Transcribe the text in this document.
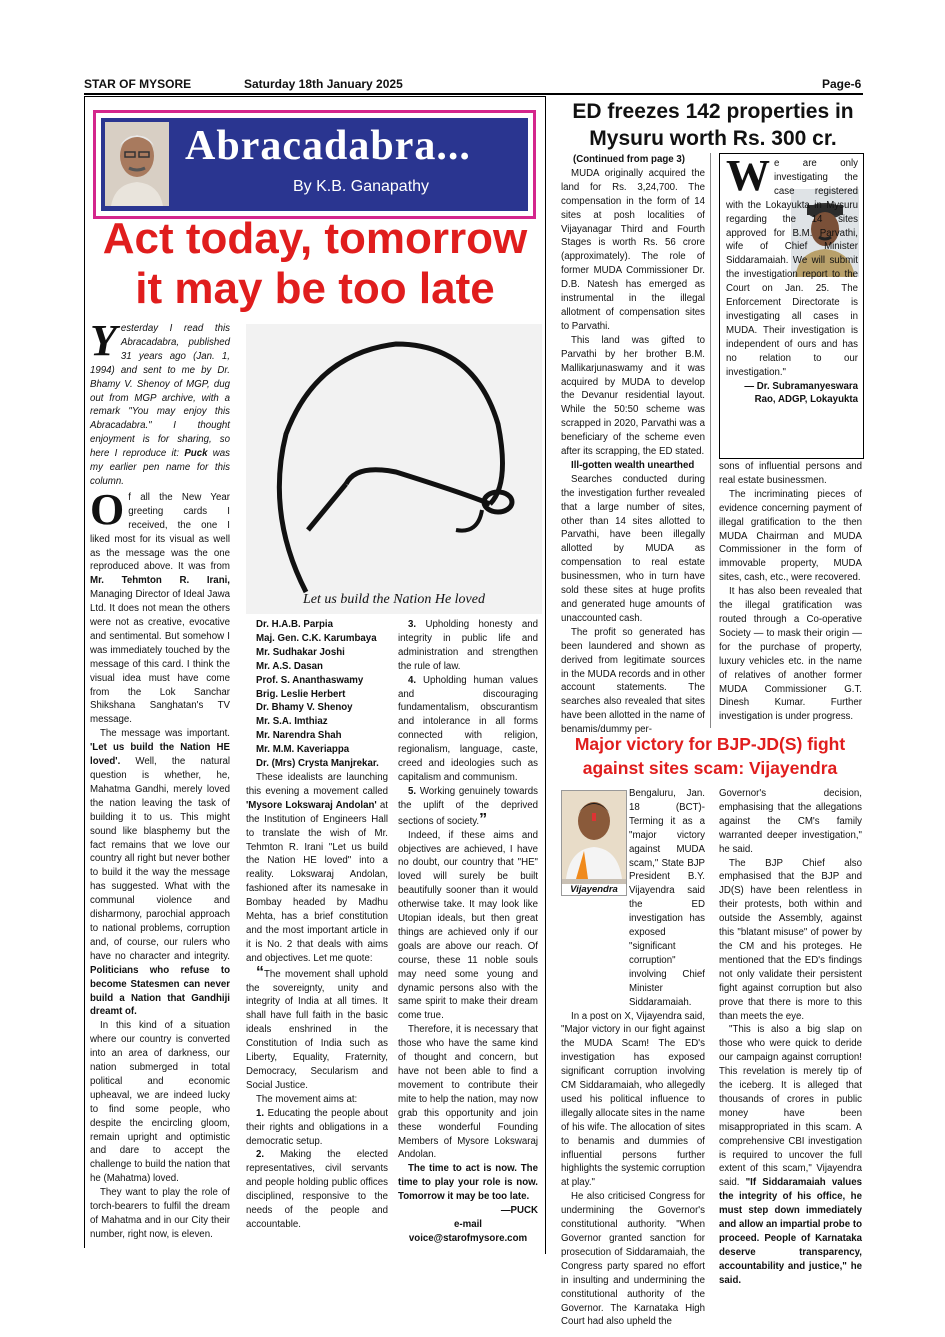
STAR OF MYSORE	Saturday 18th January 2025	Page-6
Abracadabra...
By K.B. Ganapathy
Act today, tomorrow
it may be too late
Let us build the Nation He loved

Yesterday I read this Abracadabra, published 31 years ago (Jan. 1, 1994) and sent to me by Dr. Bhamy V. Shenoy of MGP, dug out from MGP archive, with a remark "You may enjoy this Abracadabra." I thought enjoyment is for sharing, so here I reproduce it: Puck was my earlier pen name for this column.

Of all the New Year greeting cards I received, the one I liked most for its visual as well as the message was the one reproduced above. It was from Mr. Tehmton R. Irani, Managing Director of Ideal Jawa Ltd. It does not mean the others were not as creative, evocative and sentimental. But somehow I was immediately touched by the message of this card. I think the visual idea must have come from the Lok Sanchar Shikshana Sanghatan's TV message.

The message was important. 'Let us build the Nation HE loved'. Well, the natural question is whether, he, Mahatma Gandhi, merely loved the nation leaving the task of building it to us. This might sound like blasphemy but the fact remains that we love our country all right but never bother to build it the way the message has suggested. What with the communal violence and disharmony, parochial approach to national problems, corruption and, of course, our rulers who have no character and integrity. Politicians who refuse to become Statesmen can never build a Nation that Gandhiji dreamt of.

In this kind of a situation where our country is converted into an area of darkness, our nation submerged in total political and economic upheaval, we are indeed lucky to find some people, who despite the encircling gloom, remain upright and optimistic and dare to accept the challenge to build the nation that he (Mahatma) loved.

They want to play the role of torch-bearers to fulfil the dream of Mahatma and in our City their number, right now, is eleven.

Dr. H.A.B. Parpia
Maj. Gen. C.K. Karumbaya
Mr. Sudhakar Joshi
Mr. A.S. Dasan
Prof. S. Ananthaswamy
Brig. Leslie Herbert
Dr. Bhamy V. Shenoy
Mr. S.A. Imthiaz
Mr. Narendra Shah
Mr. M.M. Kaveriappa
Dr. (Mrs) Crysta Manjrekar.

These idealists are launching this evening a movement called 'Mysore Lokswaraj Andolan' at the Institution of Engineers Hall to translate the wish of Mr. Tehmton R. Irani "Let us build the Nation HE loved" into a reality. Lokswaraj Andolan, fashioned after its namesake in Bombay headed by Madhu Mehta, has a brief constitution and the most important article in it is No. 2 that deals with aims and objectives. Let me quote:

“The movement shall uphold the sovereignty, unity and integrity of India at all times. It shall have full faith in the basic ideals enshrined in the Constitution of India such as Liberty, Equality, Fraternity, Democracy, Secularism and Social Justice.

The movement aims at:

1. Educating the people about their rights and obligations in a democratic setup.

2. Making the elected representatives, civil servants and people holding public offices disciplined, responsive to the needs of the people and accountable.

3. Upholding honesty and integrity in public life and administration and strengthen the rule of law.

4. Upholding human values and discouraging fundamentalism, obscurantism and intolerance in all forms connected with religion, regionalism, language, caste, creed and ideologies such as capitalism and communism.

5. Working genuinely towards the uplift of the deprived sections of society.”

Indeed, if these aims and objectives are achieved, I have no doubt, our country that "HE" loved will surely be built beautifully sooner than it would otherwise take. It may look like Utopian ideals, but then great things are achieved only if our goals are above our reach. Of course, these 11 noble souls may need some young and dynamic persons also with the same spirit to make their dream come true.

Therefore, it is necessary that those who have the same kind of thought and concern, but have not been able to find a movement to contribute their mite to help the nation, may now grab this opportunity and join these wonderful Founding Members of Mysore Lokswaraj Andolan.

The time to act is now. The time to play your role is now. Tomorrow it may be too late.

—PUCK
e-mail
voice@starofmysore.com
ED freezes 142 properties in
Mysuru worth Rs. 300 cr.
(Continued from page 3)

MUDA originally acquired the land for Rs. 3,24,700. The compensation in the form of 14 sites at posh localities of Vijayanagar Third and Fourth Stages is worth Rs. 56 crore (approximately). The role of former MUDA Commissioner Dr. D.B. Natesh has emerged as instrumental in the illegal allotment of compensation sites to Parvathi.

This land was gifted to Parvathi by her brother B.M. Mallikarjunaswamy and it was acquired by MUDA to develop the Devanur residential layout. While the 50:50 scheme was scrapped in 2020, Parvathi was a beneficiary of the scheme even after its scrapping, the ED stated.

Ill-gotten wealth unearthed

Searches conducted during the investigation further revealed that a large number of sites, other than 14 sites allotted to Parvathi, have been illegally allotted by MUDA as compensation to real estate businessmen, who in turn have sold these sites at huge profits and generated huge amounts of unaccounted cash.

The profit so generated has been laundered and shown as derived from legitimate sources in the MUDA records and in other account statements. The searches also revealed that sites have been allotted in the name of benamis/dummy per-

We are only investigating the case registered with the Lokayukta in Mysuru regarding the 14 sites approved for B.M. Parvathi, wife of Chief Minister Siddaramaiah. We will submit the investigation report to the Court on Jan. 25. The Enforcement Directorate is investigating all cases in MUDA. Their investigation is independent of ours and has no relation to our investigation."

— Dr. Subramanyeswara
Rao, ADGP, Lokayukta

sons of influential persons and real estate businessmen.

The incriminating pieces of evidence concerning payment of illegal gratification to the then MUDA Chairman and MUDA Commissioner in the form of immovable property, MUDA sites, cash, etc., were recovered.

It has also been revealed that the illegal gratification was routed through a Co-operative Society — to mask their origin — for the purchase of property, luxury vehicles etc. in the name of relatives of another former MUDA Commissioner G.T. Dinesh Kumar. Further investigation is under progress.

Major victory for BJP-JD(S) fight
against sites scam: Vijayendra
Vijayendra

Bengaluru, Jan. 18 (BCT)- Terming it as a "major victory against MUDA scam," State BJP President B.Y. Vijayendra said the ED investigation has exposed "significant corruption" involving Chief Minister Siddaramaiah.

In a post on X, Vijayendra said, "Major victory in our fight against the MUDA Scam! The ED's investigation has exposed significant corruption involving CM Siddaramaiah, who allegedly used his political influence to illegally allocate sites in the name of his wife. The allocation of sites to benamis and dummies of influential persons further highlights the systemic corruption at play."

He also criticised Congress for undermining the Governor's constitutional authority. "When Governor granted sanction for prosecution of Siddaramaiah, the Congress party spared no effort in insulting and undermining the constitutional authority of the Governor. The Karnataka High Court had also upheld the

Governor's decision, emphasising that the allegations against the CM's family warranted deeper investigation," he said.

The BJP Chief also emphasised that the BJP and JD(S) have been relentless in their protests, both within and outside the Assembly, against this "blatant misuse" of power by the CM and his proteges. He mentioned that the ED's findings not only validate their persistent fight against corruption but also prove that there is more to this than meets the eye.

"This is also a big slap on those who were quick to deride our campaign against corruption! This revelation is merely tip of the iceberg. It is alleged that thousands of crores in public money have been misappropriated in this scam. A comprehensive CBI investigation is required to uncover the full extent of this scam," Vijayendra said. "If Siddaramaiah values the integrity of his office, he must step down immediately and allow an impartial probe to proceed. People of Karnataka deserve transparency, accountability and justice," he said.
